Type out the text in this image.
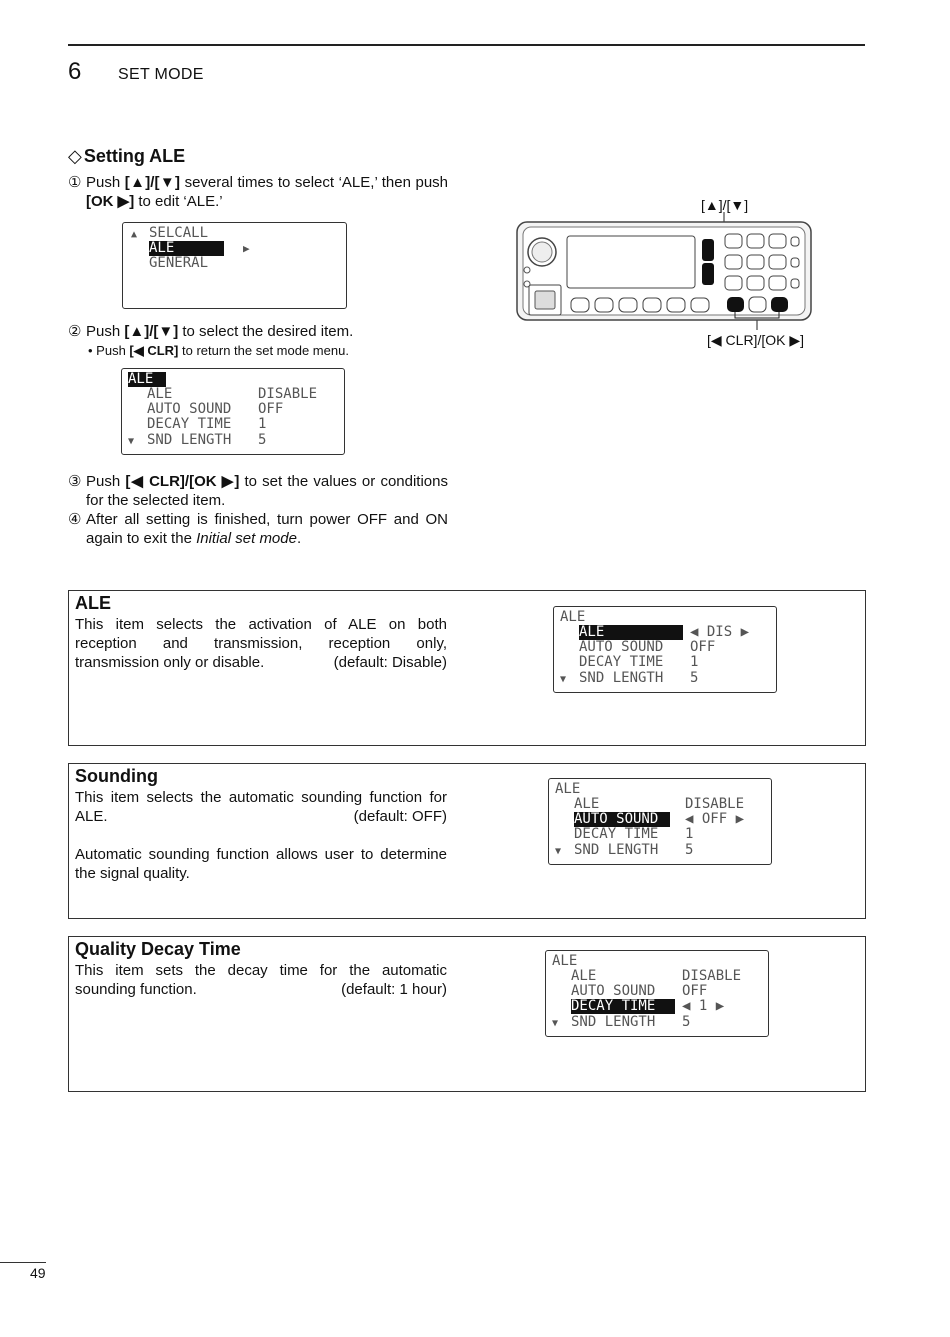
6 SET MODE
◇ Setting ALE
① Push [▲]/[▼] several times to select ‘ALE,’ then push [OK ▶] to edit ‘ALE.’
▲ SELCALL
ALE	▶
GENERAL
② Push [▲]/[▼] to select the desired item.
• Push [◀ CLR] to return the set mode menu.
ALE
ALE	DISABLE
AUTO SOUND OFF
DECAY TIME 1
▼ SND LENGTH 5
③ Push [◀ CLR]/[OK ▶] to set the values or conditions for the selected item.
④ After all setting is finished, turn power OFF and ON again to exit the Initial set mode.
[▲]/[▼]
[◀ CLR]/[OK ▶]
ALE
This item selects the activation of ALE on both reception and transmission, reception only, transmission only or disable.	(default: Disable)
ALE
ALE	◀ DIS ▶
AUTO SOUND OFF
DECAY TIME 1
▼ SND LENGTH 5
Sounding
This item selects the automatic sounding function for ALE.	(default: OFF)
Automatic sounding function allows user to determine the signal quality.
ALE
ALE	DISABLE
AUTO SOUND	◀ OFF ▶
DECAY TIME 1
▼ SND LENGTH 5
Quality Decay Time
This item sets the decay time for the automatic sounding function.	(default: 1 hour)
ALE
ALE	DISABLE
AUTO SOUND OFF
DECAY TIME	◀ 1 ▶
▼ SND LENGTH 5
49
